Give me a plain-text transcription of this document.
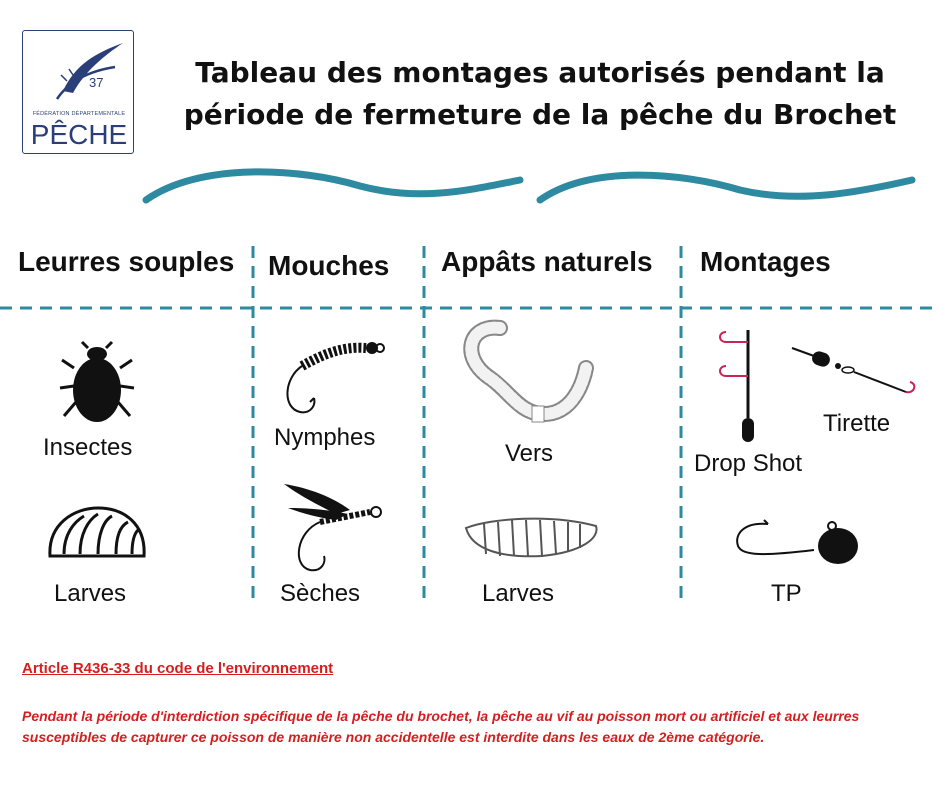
37
FÉDÉRATION DÉPARTEMENTALE
PÊCHE
Tableau des montages autorisés pendant la période de fermeture de la pêche du Brochet
Leurres souples Mouches Appâts naturels Montages
Insectes
Larves
Nymphes
Sèches
Vers
Larves
Drop Shot
Tirette
TP
Article R436-33 du code de l'environnement
Pendant la période d'interdiction spécifique de la pêche du brochet, la pêche au vif au poisson mort ou artificiel et aux leurres susceptibles de capturer ce poisson de manière non accidentelle est interdite dans les eaux de 2ème catégorie.
